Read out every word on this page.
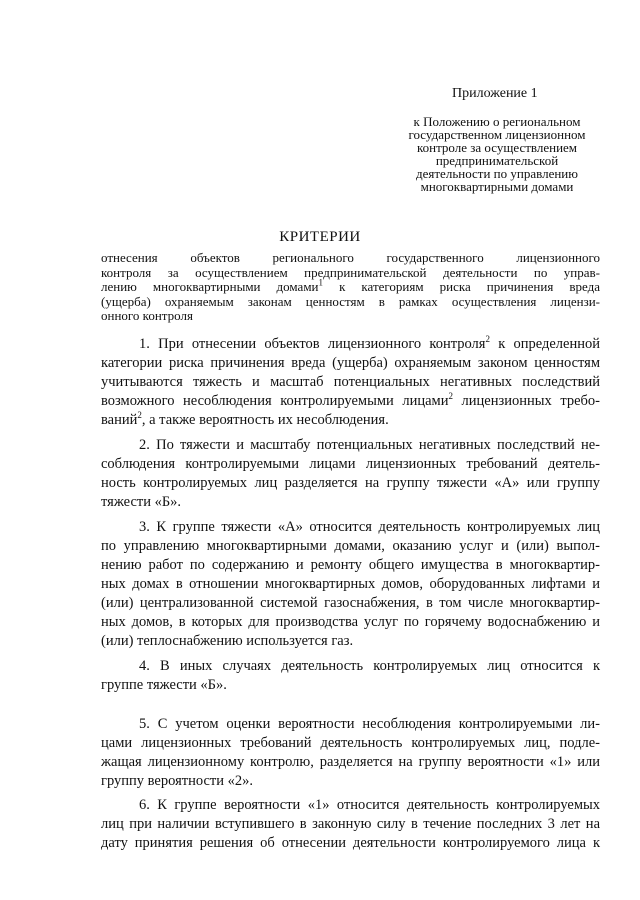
Приложение 1
к Положению о региональном
государственном лицензионном
контроле за осуществлением
предпринимательской
деятельности по управлению
многоквартирными домами
КРИТЕРИИ
отнесения объектов регионального государственного лицензионного
контроля за осуществлением предпринимательской деятельности по управ-
лению многоквартирными домами$^1$ к категориям риска причинения вреда
(ущерба) охраняемым законам ценностям в рамках осуществления лицензи-
онного контроля
1. При отнесении объектов лицензионного контроля$^2$ к определенной
категории риска причинения вреда (ущерба) охраняемым законом ценностям
учитываются тяжесть и масштаб потенциальных негативных последствий
возможного несоблюдения контролируемыми лицами$^2$ лицензионных требо-
ваний$^2$, а также вероятность их несоблюдения.
2. По тяжести и масштабу потенциальных негативных последствий не-
соблюдения контролируемыми лицами лицензионных требований деятель-
ность контролируемых лиц разделяется на группу тяжести «А» или группу
тяжести «Б».
3. К группе тяжести «А» относится деятельность контролируемых лиц
по управлению многоквартирными домами, оказанию услуг и (или) выпол-
нению работ по содержанию и ремонту общего имущества в многоквартир-
ных домах в отношении многоквартирных домов, оборудованных лифтами и
(или) централизованной системой газоснабжения, в том числе многоквартир-
ных домов, в которых для производства услуг по горячему водоснабжению и
(или) теплоснабжению используется газ.
4. В иных случаях деятельность контролируемых лиц относится к
группе тяжести «Б».
5. С учетом оценки вероятности несоблюдения контролируемыми ли-
цами лицензионных требований деятельность контролируемых лиц, подле-
жащая лицензионному контролю, разделяется на группу вероятности «1» или
группу вероятности «2».
6. К группе вероятности «1» относится деятельность контролируемых
лиц при наличии вступившего в законную силу в течение последних 3 лет на
дату принятия решения об отнесении деятельности контролируемого лица к
